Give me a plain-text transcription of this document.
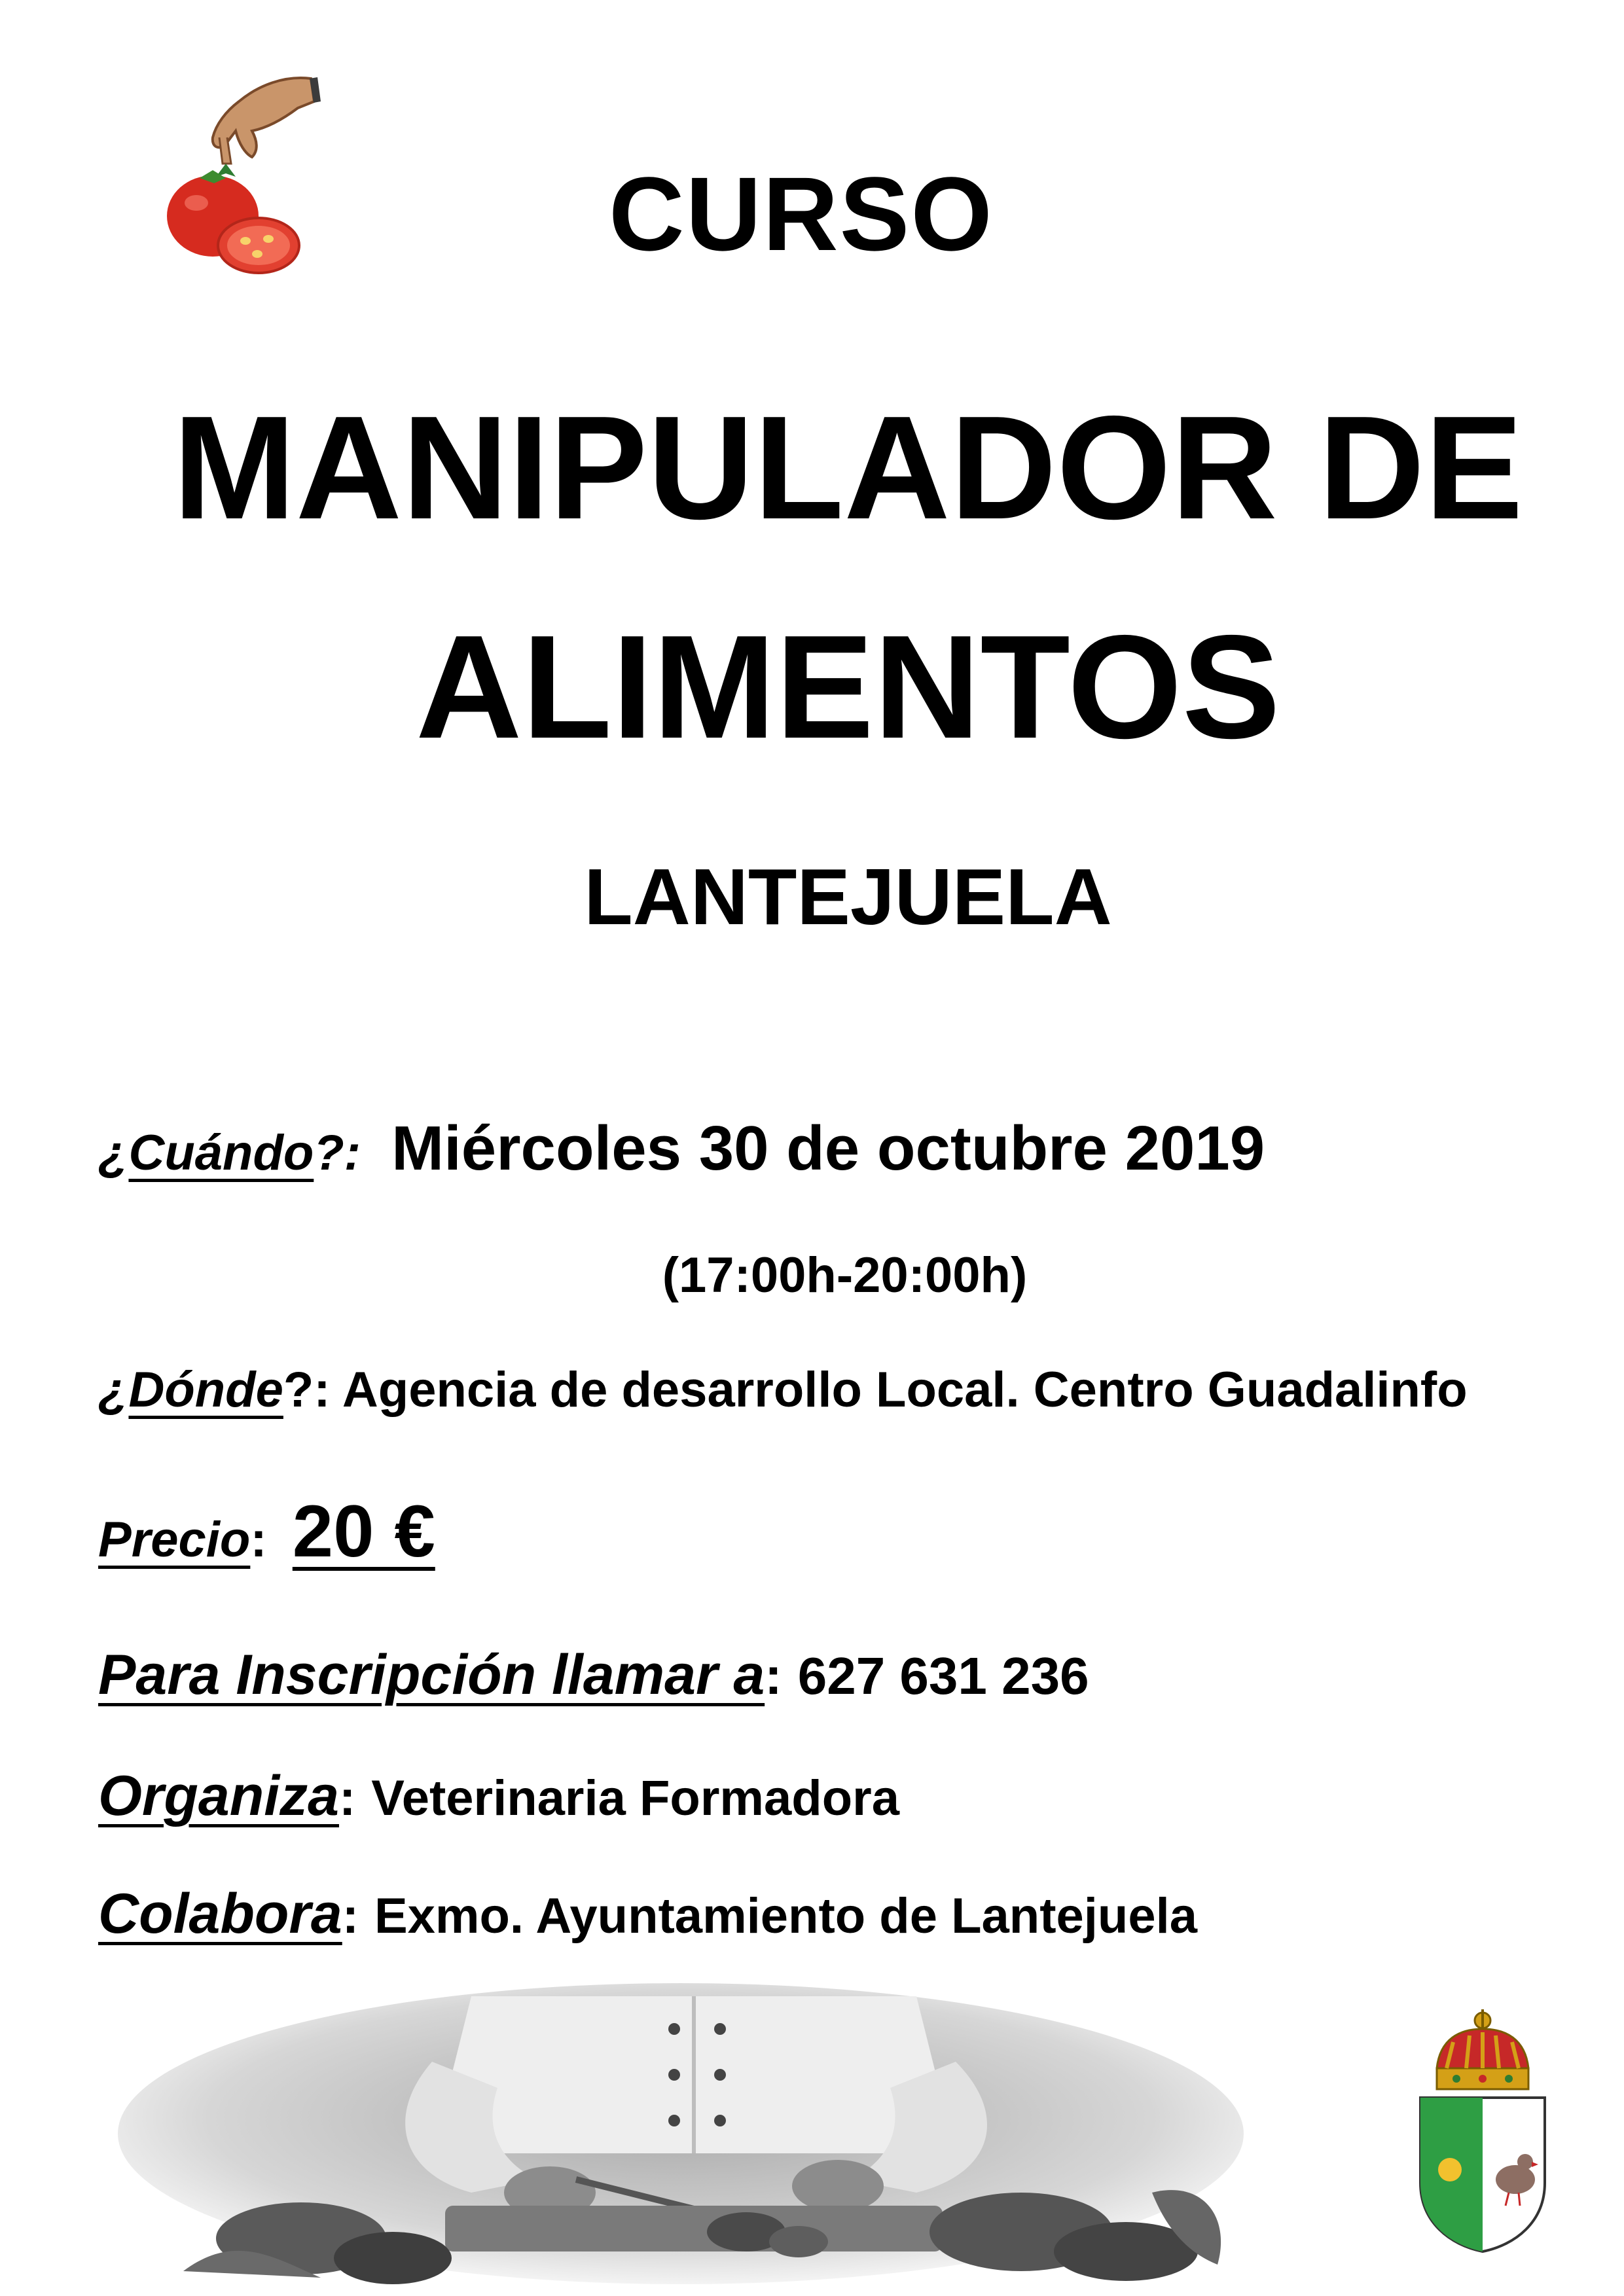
CURSO
MANIPULADOR DE
ALIMENTOS
LANTEJUELA
¿Cuándo?: Miércoles 30 de octubre 2019
(17:00h-20:00h)
¿Dónde?: Agencia de desarrollo Local. Centro Guadalinfo
Precio: 20 €
Para Inscripción llamar a: 627 631 236
Organiza: Veterinaria Formadora
Colabora: Exmo. Ayuntamiento de Lantejuela
